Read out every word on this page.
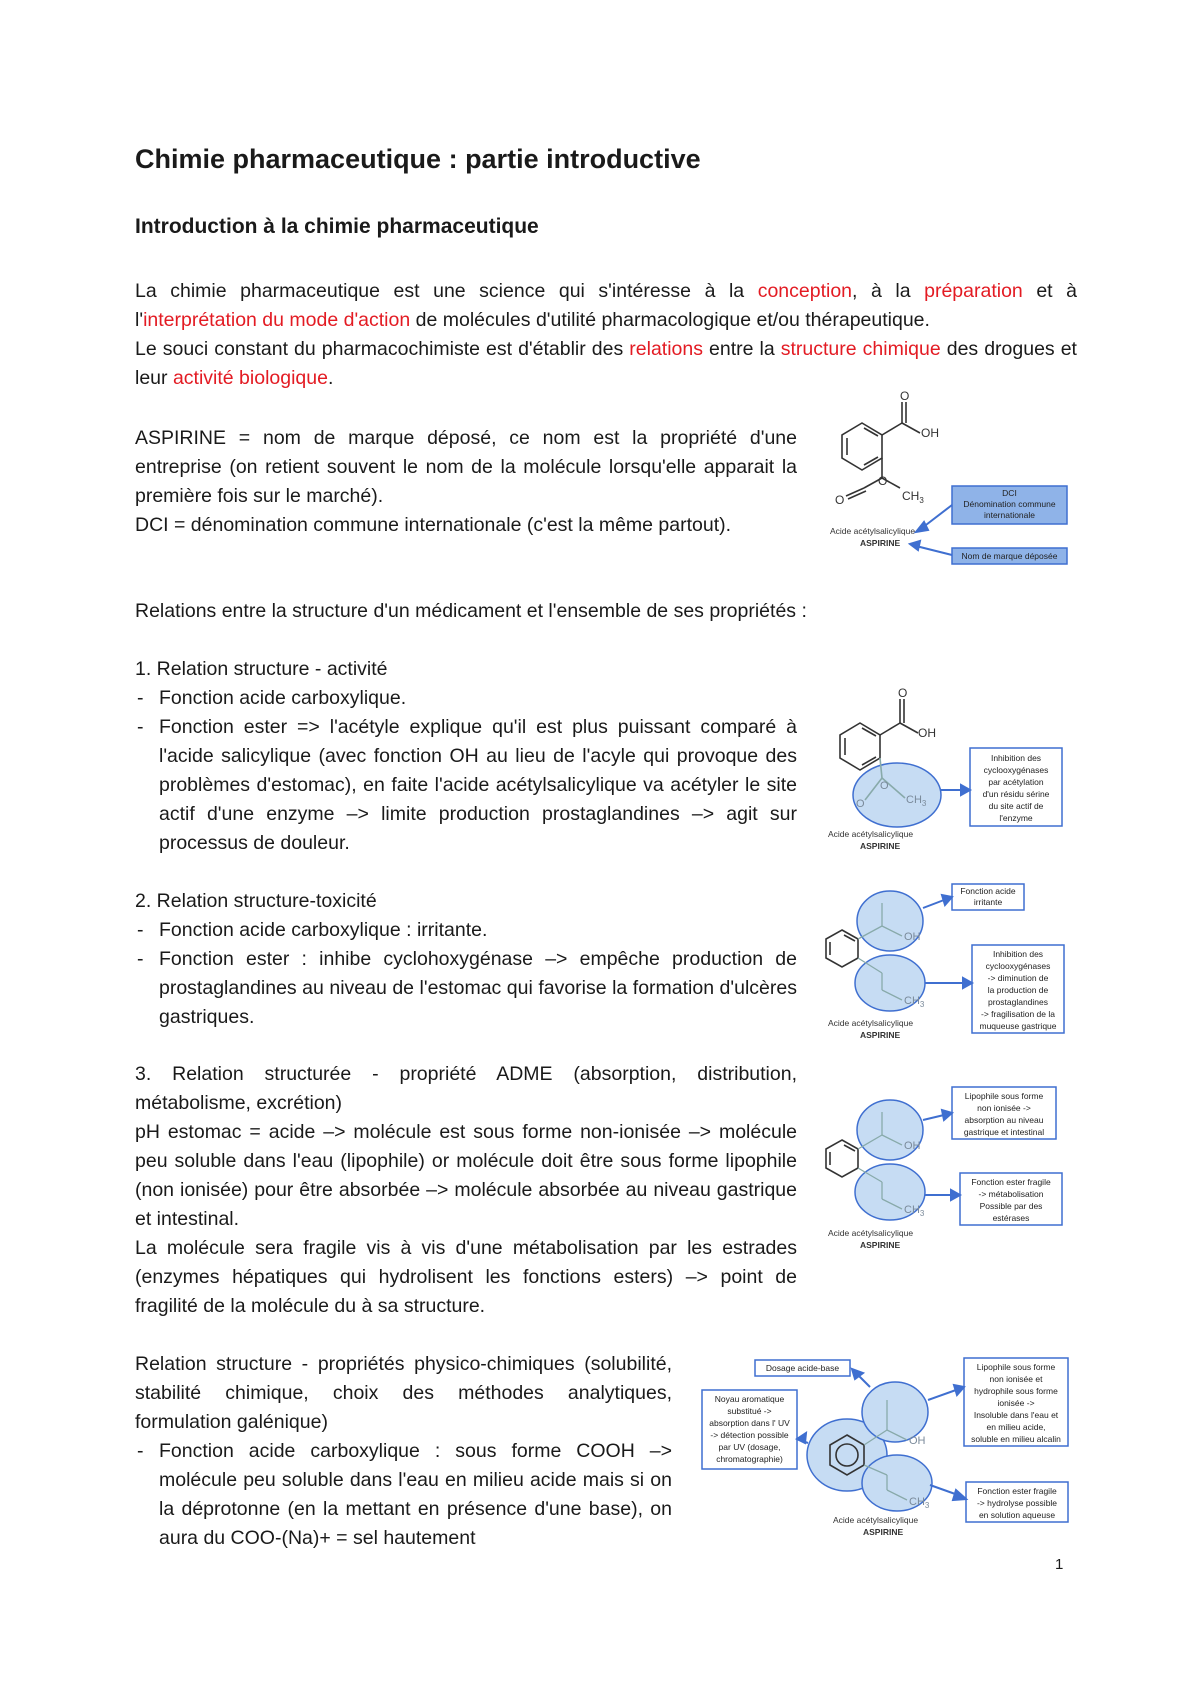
Chimie pharmaceutique : partie introductive
Introduction à la chimie pharmaceutique

La chimie pharmaceutique est une science qui s'intéresse à la conception, à la préparation et à l'interprétation du mode d'action de molécules d'utilité pharmacologique et/ou thérapeutique.

Le souci constant du pharmacochimiste est d'établir des relations entre la structure chimique des drogues et leur activité biologique.

ASPIRINE = nom de marque déposé, ce nom est la propriété d'une entreprise (on retient souvent le nom de la molécule lorsqu'elle apparait la première fois sur le marché).
DCI = dénomination commune internationale (c'est la même partout).

Relations entre la structure d'un médicament et l'ensemble de ses propriétés :

1. Relation structure - activité
- Fonction acide carboxylique.
- Fonction ester => l'acétyle explique qu'il est plus puissant comparé à l'acide salicylique (avec fonction OH au lieu de l'acyle qui provoque des problèmes d'estomac), en faite l'acide acétylsalicylique va acétyler le site actif d'une enzyme –> limite production prostaglandines –> agit sur processus de douleur.
2. Relation structure-toxicité
- Fonction acide carboxylique : irritante.
- Fonction ester : inhibe cyclohoxygénase –> empêche production de prostaglandines au niveau de l'estomac qui favorise la formation d'ulcères gastriques.
3. Relation structurée - propriété ADME (absorption, distribution, métabolisme, excrétion)
pH estomac = acide –> molécule est sous forme non-ionisée –> molécule peu soluble dans l'eau (lipophile) or molécule doit être sous forme lipophile (non ionisée) pour être absorbée –> molécule absorbée au niveau gastrique et intestinal.
La molécule sera fragile vis à vis d'une métabolisation par les estrades (enzymes hépatiques qui hydrolisent les fonctions esters) –> point de fragilité de la molécule du à sa structure.
Relation structure - propriétés physico-chimiques (solubilité, stabilité chimique, choix des méthodes analytiques, formulation galénique)
- Fonction acide carboxylique : sous forme COOH –> molécule peu soluble dans l'eau en milieu acide mais si on la déprotonne (en la mettant en présence d'une base), on aura du COO-(Na)+ = sel hautement
O
OH
O
O	$CH_3$
Acide acétylsalicylique
ASPIRINE
DCI
Dénomination commune
internationale
Nom de marque déposée
O
OH
O
O	$CH_3$
Acide acétylsalicylique
ASPIRINE
Inhibition des
cyclooxygénases
par acétylation
d'un résidu sérine
du site actif de
l'enzyme
OH
$CH_3$
Acide acétylsalicylique
ASPIRINE
Fonction acide
irritante
Inhibition des
cyclooxygénases
-> diminution de
la production de
prostaglandines
-> fragilisation de la
muqueuse gastrique
OH
$CH_3$
Acide acétylsalicylique
ASPIRINE
Lipophile sous forme
non ionisée ->
absorption au niveau
gastrique et intestinal
Fonction ester fragile
-> métabolisation
Possible par des
estérases
OH
$CH_3$
Acide acétylsalicylique
ASPIRINE
Dosage acide-base
Noyau aromatique
substitué ->
absorption dans l' UV
-> détection possible
par UV (dosage,
chromatographie)
Lipophile sous forme
non ionisée et
hydrophile sous forme
ionisée ->
Insoluble dans l'eau et
en milieu acide,
soluble en milieu alcalin
Fonction ester fragile
-> hydrolyse possible
en solution aqueuse
1
